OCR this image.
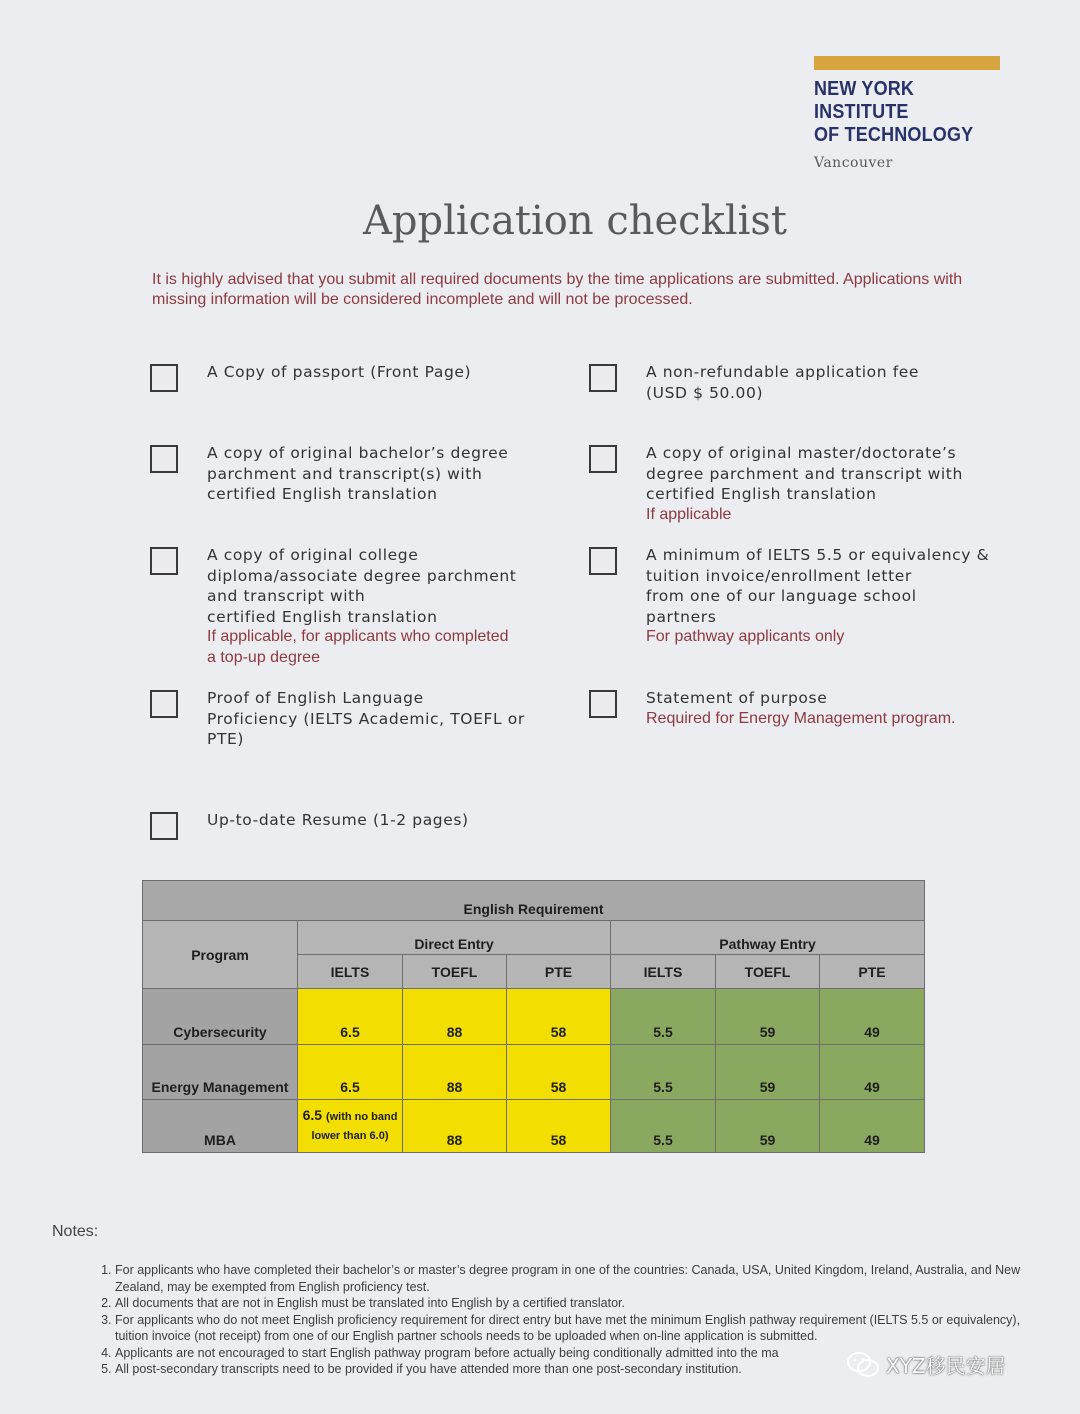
NEW YORK INSTITUTE
OF TECHNOLOGY
Vancouver
Application checklist
It is highly advised that you submit all required documents by the time applications are submitted. Applications with missing information will be considered incomplete and will not be processed.
A Copy of passport (Front Page)	A non-refundable application fee
(USD $ 50.00)
A copy of original bachelor’s degree
parchment and transcript(s) with
certified English translation
A copy of original master/doctorate’s
degree parchment and transcript with
certified English translation
If applicable
A copy of original college
diploma/associate degree parchment
and transcript with
certified English translation
If applicable, for applicants who completed
a top-up degree
A minimum of IELTS 5.5 or equivalency &
tuition invoice/enrollment letter
from one of our language school
partners
For pathway applicants only
Proof of English Language
Proficiency (IELTS Academic, TOEFL or
PTE)
Statement of purpose
Required for Energy Management program.
Up-to-date Resume (1-2 pages)
English Requirement						
Program	Direct Entry			Pathway Entry		
	IELTS	TOEFL	PTE	IELTS	TOEFL	PTE
Cybersecurity	6.5	88	58	5.5	59	49
Energy Management	6.5	88	58	5.5	59	49
MBA	6.5 (with no band lower than 6.0)	88	58	5.5	59	49
Notes:
1. For applicants who have completed their bachelor’s or master’s degree program in one of the countries: Canada, USA, United Kingdom, Ireland, Australia, and New Zealand, may be exempted from English proficiency test.
2. All documents that are not in English must be translated into English by a certified translator.
3. For applicants who do not meet English proficiency requirement for direct entry but have met the minimum English pathway requirement (IELTS 5.5 or equivalency), tuition invoice (not receipt) from one of our English partner schools needs to be uploaded when on-line application is submitted.
4. Applicants are not encouraged to start English pathway program before actually being conditionally admitted into the ma
5. All post-secondary transcripts need to be provided if you have attended more than one post-secondary institution.	XYZ移民安居
